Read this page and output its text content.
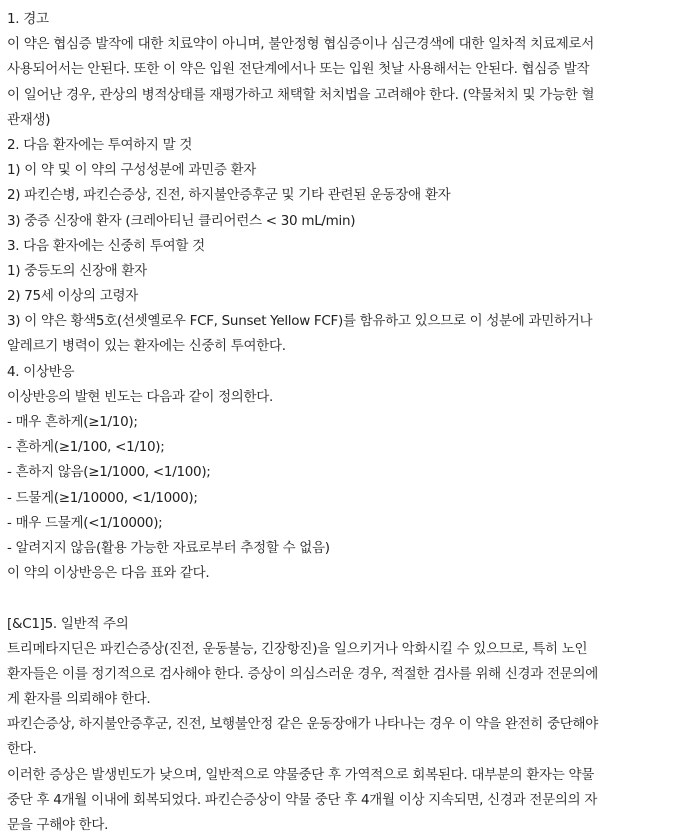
1. 경고
이 약은 협심증 발작에 대한 치료약이 아니며, 불안정형 협심증이나 심근경색에 대한 일차적 치료제로서
사용되어서는 안된다. 또한 이 약은 입원 전단계에서나 또는 입원 첫날 사용해서는 안된다. 협심증 발작
이 일어난 경우, 관상의 병적상태를 재평가하고 채택할 처치법을 고려해야 한다. (약물처치 및 가능한 혈
관재생)
2. 다음 환자에는 투여하지 말 것
1) 이 약 및 이 약의 구성성분에 과민증 환자
2) 파킨슨병, 파킨슨증상, 진전, 하지불안증후군 및 기타 관련된 운동장애 환자
3) 중증 신장애 환자 (크레아티닌 클리어런스 < 30 mL/min)
3. 다음 환자에는 신중히 투여할 것
1) 중등도의 신장애 환자
2) 75세 이상의 고령자
3) 이 약은 황색5호(선셋옐로우 FCF, Sunset Yellow FCF)를 함유하고 있으므로 이 성분에 과민하거나
알레르기 병력이 있는 환자에는 신중히 투여한다.
4. 이상반응
이상반응의 발현 빈도는 다음과 같이 정의한다.
- 매우 흔하게(≥1/10);
- 흔하게(≥1/100, <1/10);
- 흔하지 않음(≥1/1000, <1/100);
- 드물게(≥1/10000, <1/1000);
- 매우 드물게(<1/10000);
- 알려지지 않음(활용 가능한 자료로부터 추정할 수 없음)
이 약의 이상반응은 다음 표와 같다.
[&C1]5. 일반적 주의
트리메타지딘은 파킨슨증상(진전, 운동불능, 긴장항진)을 일으키거나 악화시킬 수 있으므로, 특히 노인
환자들은 이를 정기적으로 검사해야 한다. 증상이 의심스러운 경우, 적절한 검사를 위해 신경과 전문의에
게 환자를 의뢰해야 한다.
파킨슨증상, 하지불안증후군, 진전, 보행불안정 같은 운동장애가 나타나는 경우 이 약을 완전히 중단해야
한다.
이러한 증상은 발생빈도가 낮으며, 일반적으로 약물중단 후 가역적으로 회복된다. 대부분의 환자는 약물
중단 후 4개월 이내에 회복되었다. 파킨슨증상이 약물 중단 후 4개월 이상 지속되면, 신경과 전문의의 자
문을 구해야 한다.
